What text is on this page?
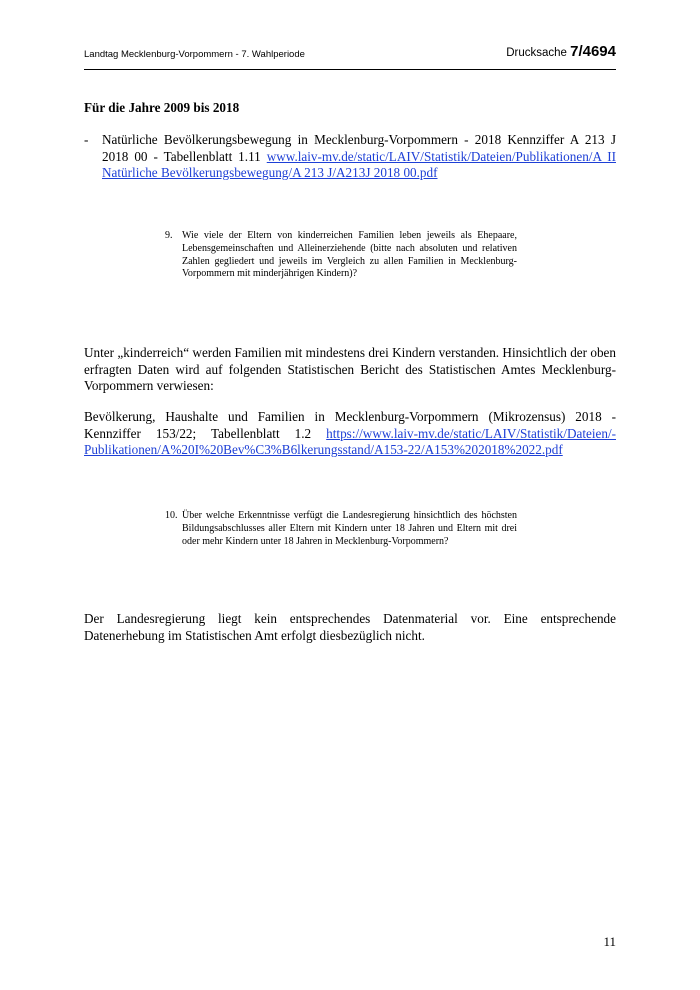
Landtag Mecklenburg-Vorpommern - 7. Wahlperiode	Drucksache 7/4694
Für die Jahre 2009 bis 2018
- Natürliche Bevölkerungsbewegung in Mecklenburg-Vorpommern - 2018 Kennziffer A 213 J 2018 00 - Tabellenblatt 1.11 www.laiv-mv.de/static/LAIV/Statistik/Dateien/Publikationen/A II Natürliche Bevölkerungsbewegung/A 213 J/A213J 2018 00.pdf
9. Wie viele der Eltern von kinderreichen Familien leben jeweils als Ehepaare, Lebensgemeinschaften und Alleinerziehende (bitte nach absoluten und relativen Zahlen gegliedert und jeweils im Vergleich zu allen Familien in Mecklenburg-Vorpommern mit minderjährigen Kindern)?
Unter „kinderreich“ werden Familien mit mindestens drei Kindern verstanden. Hinsichtlich der oben erfragten Daten wird auf folgenden Statistischen Bericht des Statistischen Amtes Mecklenburg-Vorpommern verwiesen:
Bevölkerung, Haushalte und Familien in Mecklenburg-Vorpommern (Mikrozensus) 2018 - Kennziffer 153/22; Tabellenblatt 1.2 https://www.laiv-mv.de/static/LAIV/Statistik/Dateien/-Publikationen/A%20I%20Bev%C3%B6lkerungsstand/A153-22/A153%202018%2022.pdf
10. Über welche Erkenntnisse verfügt die Landesregierung hinsichtlich des höchsten Bildungsabschlusses aller Eltern mit Kindern unter 18 Jahren und Eltern mit drei oder mehr Kindern unter 18 Jahren in Mecklenburg-Vorpommern?
Der Landesregierung liegt kein entsprechendes Datenmaterial vor. Eine entsprechende Datenerhebung im Statistischen Amt erfolgt diesbezüglich nicht.
11
